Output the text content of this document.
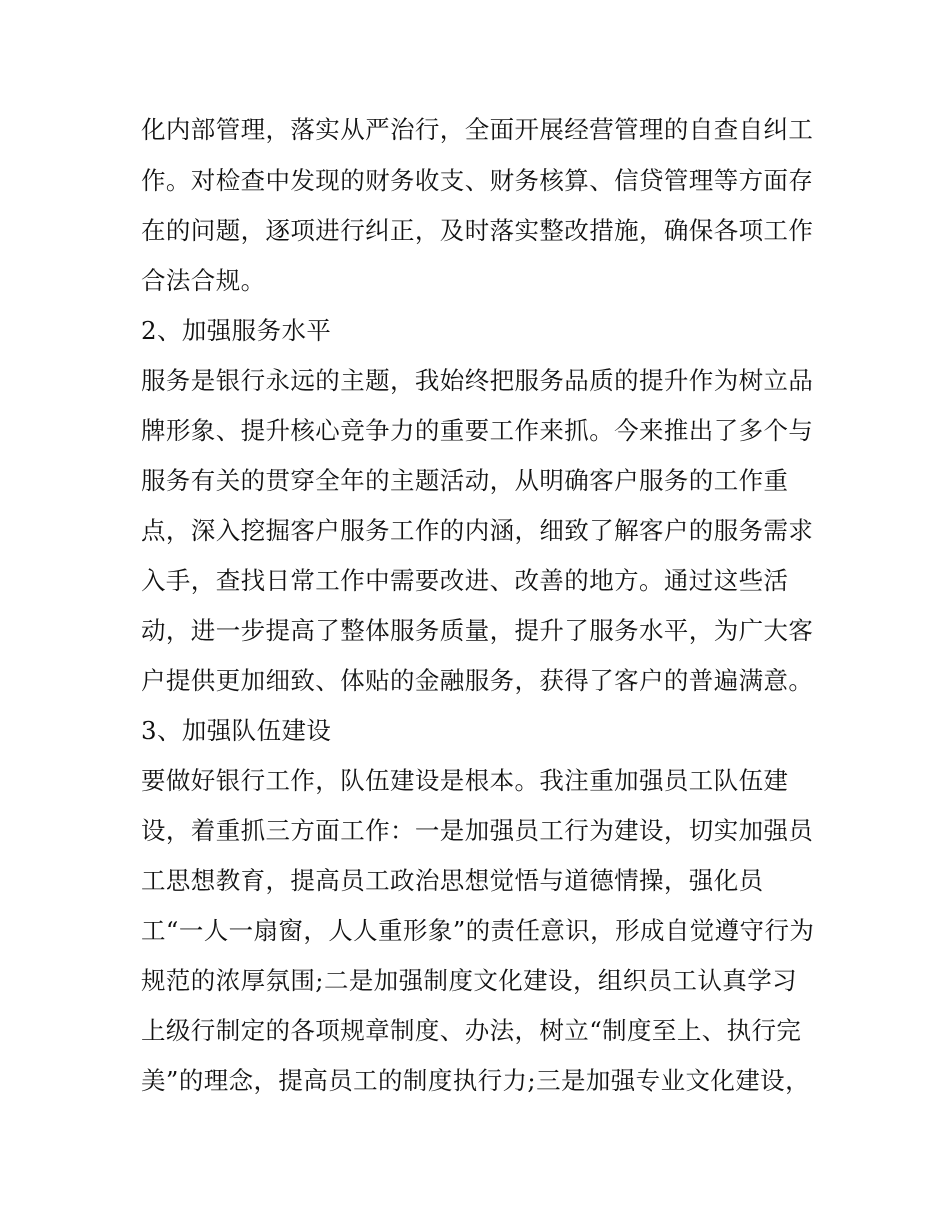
化内部管理，落实从严治行，全面开展经营管理的自查自纠工
作。对检查中发现的财务收支、财务核算、信贷管理等方面存
在的问题，逐项进行纠正，及时落实整改措施，确保各项工作
合法合规。
2、加强服务水平
服务是银行永远的主题，我始终把服务品质的提升作为树立品
牌形象、提升核心竞争力的重要工作来抓。今来推出了多个与
服务有关的贯穿全年的主题活动，从明确客户服务的工作重
点，深入挖掘客户服务工作的内涵，细致了解客户的服务需求
入手，查找日常工作中需要改进、改善的地方。通过这些活
动，进一步提高了整体服务质量，提升了服务水平，为广大客
户提供更加细致、体贴的金融服务，获得了客户的普遍满意。
3、加强队伍建设
要做好银行工作，队伍建设是根本。我注重加强员工队伍建
设，着重抓三方面工作：一是加强员工行为建设，切实加强员
工思想教育，提高员工政治思想觉悟与道德情操，强化员
工“一人一扇窗，人人重形象”的责任意识，形成自觉遵守行为
规范的浓厚氛围;二是加强制度文化建设，组织员工认真学习
上级行制定的各项规章制度、办法，树立“制度至上、执行完
美”的理念，提高员工的制度执行力;三是加强专业文化建设，
